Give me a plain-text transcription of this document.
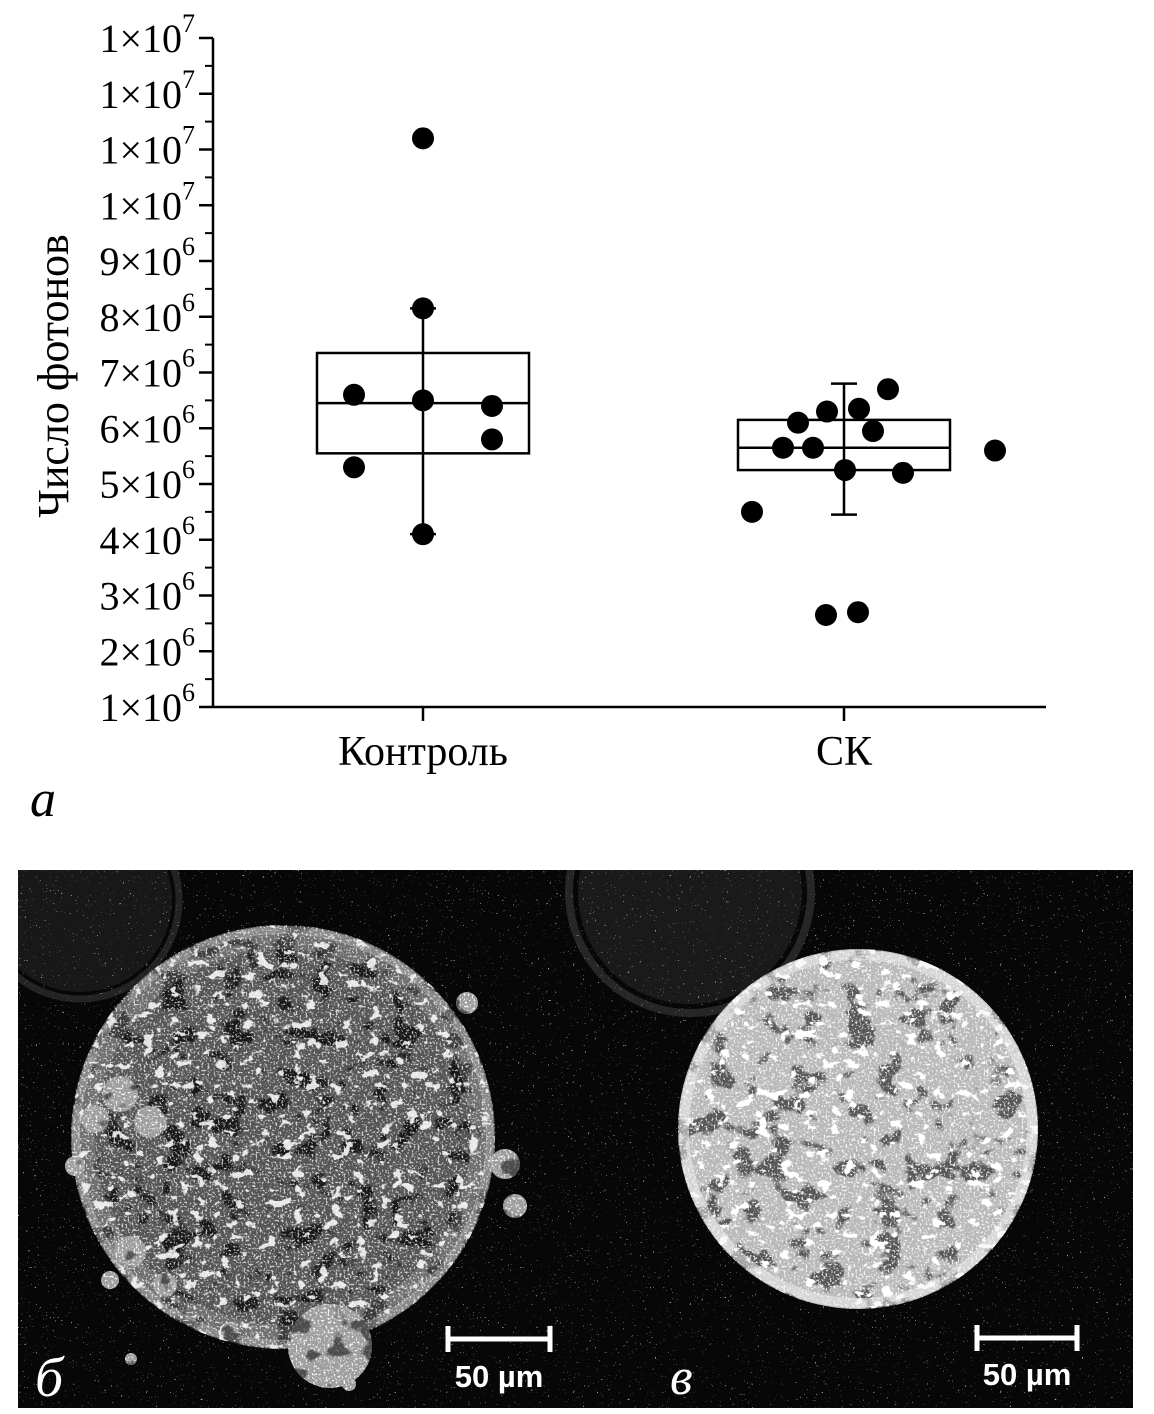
$1\times 10^6$
$2\times 10^6$
$3\times 10^6$
$4\times 10^6$
$5\times 10^6$
$6\times 10^6$
$7\times 10^6$
$8\times 10^6$
$9\times 10^6$
$1\times 10^7$
$1\times 10^7$
$1\times 10^7$
$1\times 10^7$
Контроль	СК
Число фотонов
а
50 µm	50 µm
б	в
